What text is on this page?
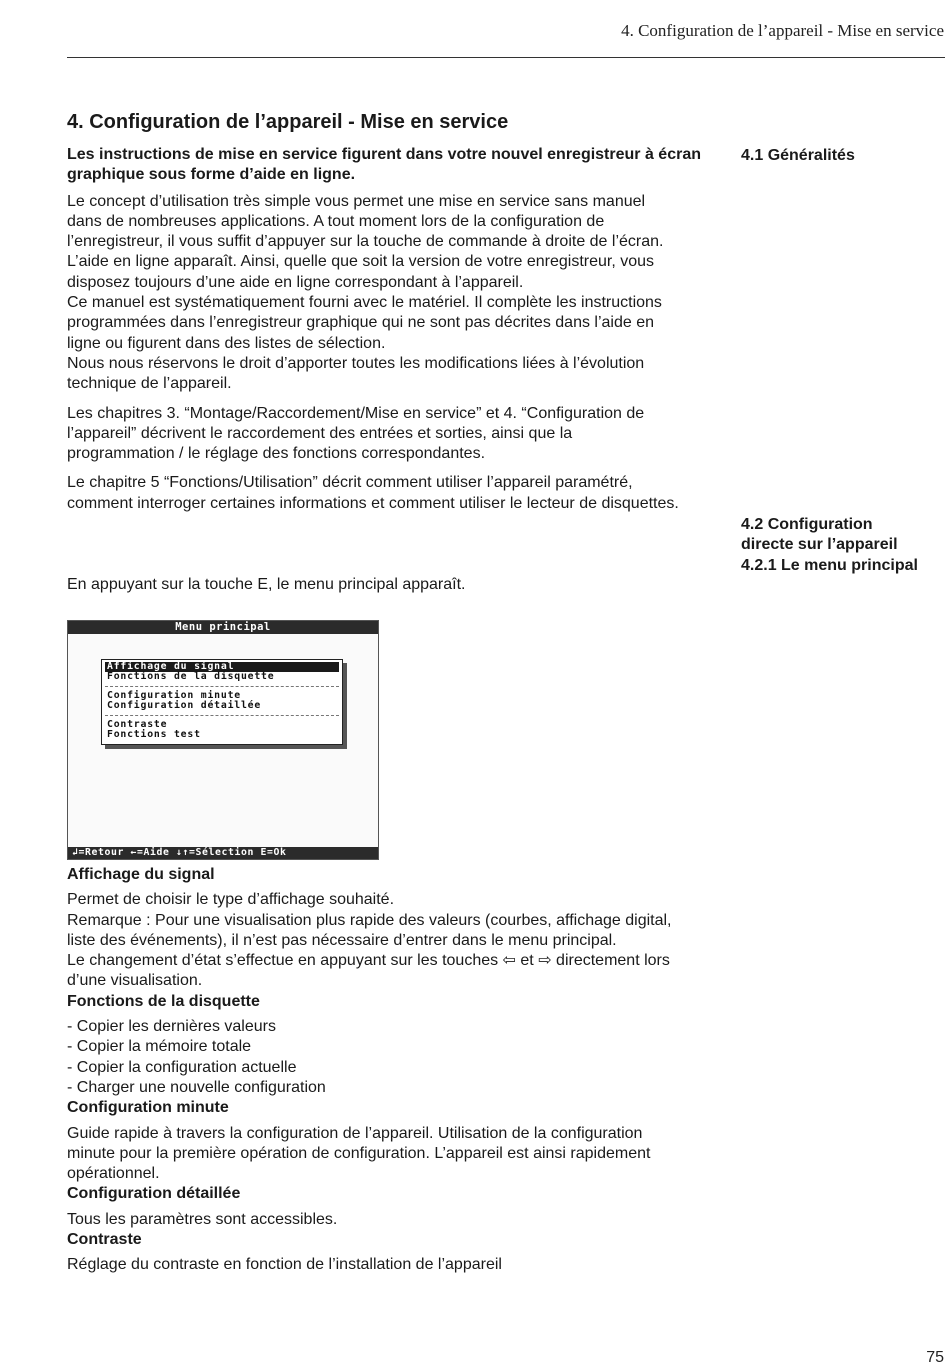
4. Configuration de l’appareil - Mise en service
4.1 Généralités
4.2 Configuration
directe sur l’appareil
4.2.1 Le menu principal
4. Configuration de l’appareil - Mise en service

Les instructions de mise en service figurent dans votre nouvel enregistreur à écran graphique sous forme d’aide en ligne.

Le concept d’utilisation très simple vous permet une mise en service sans manuel
dans de nombreuses applications. A tout moment lors de la configuration de
l’enregistreur, il vous suffit d’appuyer sur la touche de commande à droite de l’écran.
L’aide en ligne apparaît. Ainsi, quelle que soit la version de votre enregistreur, vous
disposez toujours d’une aide en ligne correspondant à l’appareil.
Ce manuel est systématiquement fourni avec le matériel. Il complète les instructions
programmées dans l’enregistreur graphique qui ne sont pas décrites dans l’aide en
ligne ou figurent dans des listes de sélection.
Nous nous réservons le droit d’apporter toutes les modifications liées à l’évolution
technique de l’appareil.
Les chapitres 3. “Montage/Raccordement/Mise en service” et 4. “Configuration de
l’appareil” décrivent le raccordement des entrées et sorties, ainsi que la
programmation / le réglage des fonctions correspondantes.
Le chapitre 5 “Fonctions/Utilisation” décrit comment utiliser l’appareil paramétré,
comment interroger certaines informations et comment utiliser le lecteur de disquettes.
En appuyant sur la touche E, le menu principal apparaît.
Menu principal
Affichage du signal
Fonctions de la disquette
Configuration minute
Configuration détaillée
Contraste
Fonctions test
↲=Retour ←=Aide ↓↑=Sélection E=Ok
Affichage du signal
Permet de choisir le type d’affichage souhaité.
Remarque : Pour une visualisation plus rapide des valeurs (courbes, affichage digital,
liste des événements), il n’est pas nécessaire d’entrer dans le menu principal.
Le changement d’état s’effectue en appuyant sur les touches ⇦ et ⇨ directement lors
d’une visualisation.
Fonctions de la disquette
- Copier les dernières valeurs
- Copier la mémoire totale
- Copier la configuration actuelle
- Charger une nouvelle configuration
Configuration minute
Guide rapide à travers la configuration de l’appareil. Utilisation de la configuration
minute pour la première opération de configuration. L’appareil est ainsi rapidement
opérationnel.
Configuration détaillée
Tous les paramètres sont accessibles.
Contraste
Réglage du contraste en fonction de l’installation de l’appareil
75
